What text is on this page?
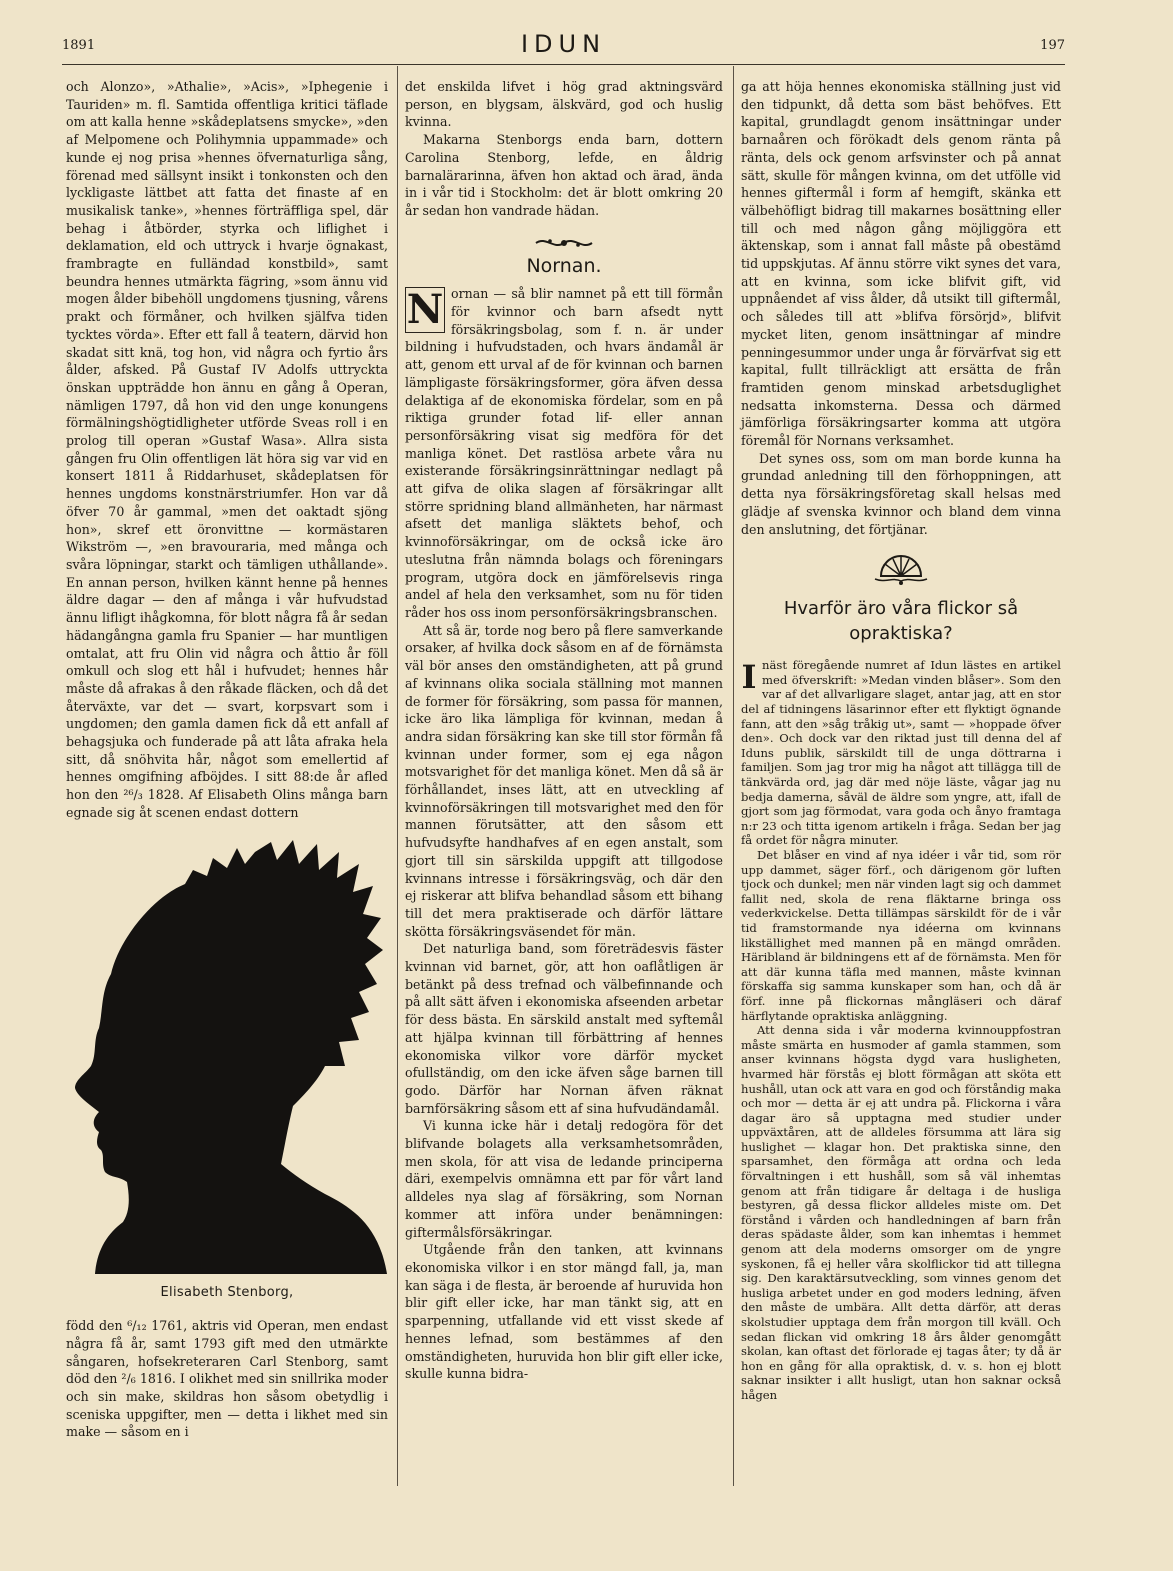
1891	IDUN	197

och Alonzo», »Athalie», »Acis», »Iphegenie i Tauriden» m. fl. Samtida offentliga kritici täflade om att kalla henne »skådeplatsens smycke», »den af Melpomene och Polihymnia uppammade» och kunde ej nog prisa »hennes öfvernaturliga sång, förenad med sällsynt insikt i tonkonsten och den lyckligaste lättbet att fatta det finaste af en musikalisk tanke», »hennes förträffliga spel, där behag i åtbörder, styrka och liflighet i deklamation, eld och uttryck i hvarje ögnakast, frambragte en fulländad konstbild», samt beundra hennes utmärkta fägring, »som ännu vid mogen ålder bibehöll ungdomens tjusning, vårens prakt och förmåner, och hvilken själfva tiden tycktes vörda». Efter ett fall å teatern, därvid hon skadat sitt knä, tog hon, vid några och fyrtio års ålder, afsked. På Gustaf IV Adolfs uttryckta önskan uppträdde hon ännu en gång å Operan, nämligen 1797, då hon vid den unge konungens förmälningshögtidligheter utförde Sveas roll i en prolog till operan »Gustaf Wasa». Allra sista gången fru Olin offentligen lät höra sig var vid en konsert 1811 å Riddarhuset, skådeplatsen för hennes ungdoms konstnärstriumfer. Hon var då öfver 70 år gammal, »men det oaktadt sjöng hon», skref ett öronvittne — kormästaren Wikström —, »en bravouraria, med många och svåra löpningar, starkt och tämligen uthållande». En annan person, hvilken kännt henne på hennes äldre dagar — den af många i vår hufvudstad ännu lifligt ihågkomna, för blott några få år sedan hädangångna gamla fru Spanier — har muntligen omtalat, att fru Olin vid några och åttio år föll omkull och slog ett hål i hufvudet; hennes hår måste då afrakas å den råkade fläcken, och då det återväxte, var det — svart, korpsvart som i ungdomen; den gamla damen fick då ett anfall af behagsjuka och funderade på att låta afraka hela sitt, då snöhvita hår, något som emellertid af hennes omgifning afböjdes. I sitt 88:de år afled hon den ²⁶/₃ 1828. Af Elisabeth Olins många barn egnade sig åt scenen endast dottern

Elisabeth Stenborg,

född den ⁶/₁₂ 1761, aktris vid Operan, men endast några få år, samt 1793 gift med den utmärkte sångaren, hofsekreteraren Carl Stenborg, samt död den ²/₆ 1816. I olikhet med sin snillrika moder och sin make, skildras hon såsom obetydlig i sceniska uppgifter, men — detta i likhet med sin make — såsom en i

det enskilda lifvet i hög grad aktningsvärd person, en blygsam, älskvärd, god och huslig kvinna.

Makarna Stenborgs enda barn, dottern Carolina Stenborg, lefde, en åldrig barnalärarinna, äfven hon aktad och ärad, ända in i vår tid i Stockholm: det är blott omkring 20 år sedan hon vandrade hädan.

Nornan.

N ornan — så blir namnet på ett till förmån för kvinnor och barn afsedt nytt försäkringsbolag, som f. n. är under bildning i hufvudstaden, och hvars ändamål är att, genom ett urval af de för kvinnan och barnen lämpligaste försäkringsformer, göra äfven dessa delaktiga af de ekonomiska fördelar, som en på riktiga grunder fotad lif- eller annan personförsäkring visat sig medföra för det manliga könet. Det rastlösa arbete våra nu existerande försäkringsinrättningar nedlagt på att gifva de olika slagen af försäkringar allt större spridning bland allmänheten, har närmast afsett det manliga släktets behof, och kvinnoförsäkringar, om de också icke äro uteslutna från nämnda bolags och föreningars program, utgöra dock en jämförelsevis ringa andel af hela den verksamhet, som nu för tiden råder hos oss inom personförsäkringsbranschen.

Att så är, torde nog bero på flere samverkande orsaker, af hvilka dock såsom en af de förnämsta väl bör anses den omständigheten, att på grund af kvinnans olika sociala ställning mot mannen de former för försäkring, som passa för mannen, icke äro lika lämpliga för kvinnan, medan å andra sidan försäkring kan ske till stor förmån få kvinnan under former, som ej ega någon motsvarighet för det manliga könet. Men då så är förhållandet, inses lätt, att en utveckling af kvinnoförsäkringen till motsvarighet med den för mannen förutsätter, att den såsom ett hufvudsyfte handhafves af en egen anstalt, som gjort till sin särskilda uppgift att tillgodose kvinnans intresse i försäkringsväg, och där den ej riskerar att blifva behandlad såsom ett bihang till det mera praktiserade och därför lättare skötta försäkringsväsendet för män.

Det naturliga band, som företrädesvis fäster kvinnan vid barnet, gör, att hon oaflåtligen är betänkt på dess trefnad och välbefinnande och på allt sätt äfven i ekonomiska afseenden arbetar för dess bästa. En särskild anstalt med syftemål att hjälpa kvinnan till förbättring af hennes ekonomiska vilkor vore därför mycket ofullständig, om den icke äfven såge barnen till godo. Därför har Nornan äfven räknat barnförsäkring såsom ett af sina hufvudändamål.

Vi kunna icke här i detalj redogöra för det blifvande bolagets alla verksamhetsområden, men skola, för att visa de ledande principerna däri, exempelvis omnämna ett par för vårt land alldeles nya slag af försäkring, som Nornan kommer att införa under benämningen: giftermålsförsäkringar.

Utgående från den tanken, att kvinnans ekonomiska vilkor i en stor mängd fall, ja, man kan säga i de flesta, är beroende af huruvida hon blir gift eller icke, har man tänkt sig, att en sparpenning, utfallande vid ett visst skede af hennes lefnad, som bestämmes af den omständigheten, huruvida hon blir gift eller icke, skulle kunna bidra-

ga att höja hennes ekonomiska ställning just vid den tidpunkt, då detta som bäst behöfves. Ett kapital, grundlagdt genom insättningar under barnaåren och förökadt dels genom ränta på ränta, dels ock genom arfsvinster och på annat sätt, skulle för mången kvinna, om det utfölle vid hennes giftermål i form af hemgift, skänka ett välbehöfligt bidrag till makarnes bosättning eller till och med någon gång möjliggöra ett äktenskap, som i annat fall måste på obestämd tid uppskjutas. Af ännu större vikt synes det vara, att en kvinna, som icke blifvit gift, vid uppnåendet af viss ålder, då utsikt till giftermål, och således till att »blifva försörjd», blifvit mycket liten, genom insättningar af mindre penningesummor under unga år förvärfvat sig ett kapital, fullt tillräckligt att ersätta de från framtiden genom minskad arbetsduglighet nedsatta inkomsterna. Dessa och därmed jämförliga försäkringsarter komma att utgöra föremål för Nornans verksamhet.

Det synes oss, som om man borde kunna ha grundad anledning till den förhoppningen, att detta nya försäkringsföretag skall helsas med glädje af svenska kvinnor och bland dem vinna den anslutning, det förtjänar.

Hvarför äro våra flickor så opraktiska?

Inäst föregående numret af Idun lästes en artikel med öfverskrift: »Medan vinden blåser». Som den var af det allvarligare slaget, antar jag, att en stor del af tidningens läsarinnor efter ett flyktigt ögnande fann, att den »såg tråkig ut», samt — »hoppade öfver den». Och dock var den riktad just till denna del af Iduns publik, särskildt till de unga döttrarna i familjen. Som jag tror mig ha något att tillägga till de tänkvärda ord, jag där med nöje läste, vågar jag nu bedja damerna, såväl de äldre som yngre, att, ifall de gjort som jag förmodat, vara goda och ånyo framtaga n:r 23 och titta igenom artikeln i fråga. Sedan ber jag få ordet för några minuter.

Det blåser en vind af nya idéer i vår tid, som rör upp dammet, säger förf., och därigenom gör luften tjock och dunkel; men när vinden lagt sig och dammet fallit ned, skola de rena fläktarne bringa oss vederkvickelse. Detta tillämpas särskildt för de i vår tid framstormande nya idéerna om kvinnans likställighet med mannen på en mängd områden. Häribland är bildningens ett af de förnämsta. Men för att där kunna täfla med mannen, måste kvinnan förskaffa sig samma kunskaper som han, och då är förf. inne på flickornas mångläseri och däraf härflytande opraktiska anläggning.

Att denna sida i vår moderna kvinnouppfostran måste smärta en husmoder af gamla stammen, som anser kvinnans högsta dygd vara husligheten, hvarmed här förstås ej blott förmågan att sköta ett hushåll, utan ock att vara en god och förståndig maka och mor — detta är ej att undra på. Flickorna i våra dagar äro så upptagna med studier under uppväxtåren, att de alldeles försumma att lära sig huslighet — klagar hon. Det praktiska sinne, den sparsamhet, den förmåga att ordna och leda förvaltningen i ett hushåll, som så väl inhemtas genom att från tidigare år deltaga i de husliga bestyren, gå dessa flickor alldeles miste om. Det förstånd i vården och handledningen af barn från deras spädaste ålder, som kan inhemtas i hemmet genom att dela moderns omsorger om de yngre syskonen, få ej heller våra skolflickor tid att tillegna sig. Den karaktärsutveckling, som vinnes genom det husliga arbetet under en god moders ledning, äfven den måste de umbära. Allt detta därför, att deras skolstudier upptaga dem från morgon till kväll. Och sedan flickan vid omkring 18 års ålder genomgått skolan, kan oftast det förlorade ej tagas åter; ty då är hon en gång för alla opraktisk, d. v. s. hon ej blott saknar insikter i allt husligt, utan hon saknar också hågen
